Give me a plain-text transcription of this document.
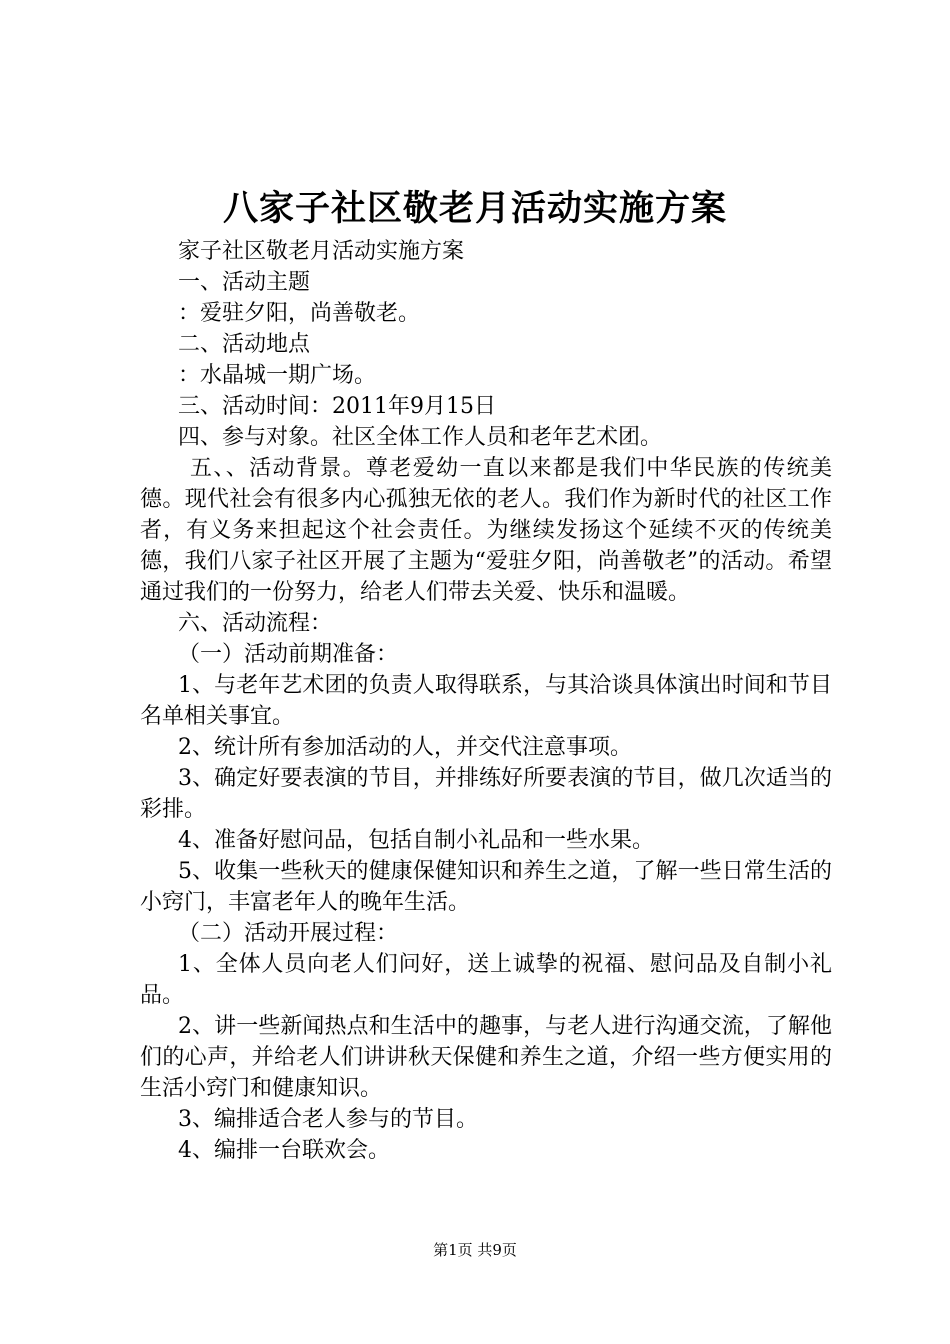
八家子社区敬老月活动实施方案

家子社区敬老月活动实施方案

一、活动主题

：爱驻夕阳，尚善敬老。

二、活动地点

：水晶城一期广场。

三、活动时间：2011年9月15日

四、参与对象。社区全体工作人员和老年艺术团。

五、、活动背景。尊老爱幼一直以来都是我们中华民族的传统美德。现代社会有很多内心孤独无依的老人。我们作为新时代的社区工作者，有义务来担起这个社会责任。为继续发扬这个延续不灭的传统美德，我们八家子社区开展了主题为“爱驻夕阳，尚善敬老”的活动。希望通过我们的一份努力，给老人们带去关爱、快乐和温暖。

六、活动流程：

（一）活动前期准备：

1、与老年艺术团的负责人取得联系，与其洽谈具体演出时间和节目名单相关事宜。

2、统计所有参加活动的人，并交代注意事项。

3、确定好要表演的节目，并排练好所要表演的节目，做几次适当的彩排。

4、准备好慰问品，包括自制小礼品和一些水果。

5、收集一些秋天的健康保健知识和养生之道，了解一些日常生活的小窍门，丰富老年人的晚年生活。

（二）活动开展过程：

1、全体人员向老人们问好，送上诚挚的祝福、慰问品及自制小礼品。

2、讲一些新闻热点和生活中的趣事，与老人进行沟通交流，了解他们的心声，并给老人们讲讲秋天保健和养生之道，介绍一些方便实用的生活小窍门和健康知识。

3、编排适合老人参与的节目。

4、编排一台联欢会。

第1页 共9页
